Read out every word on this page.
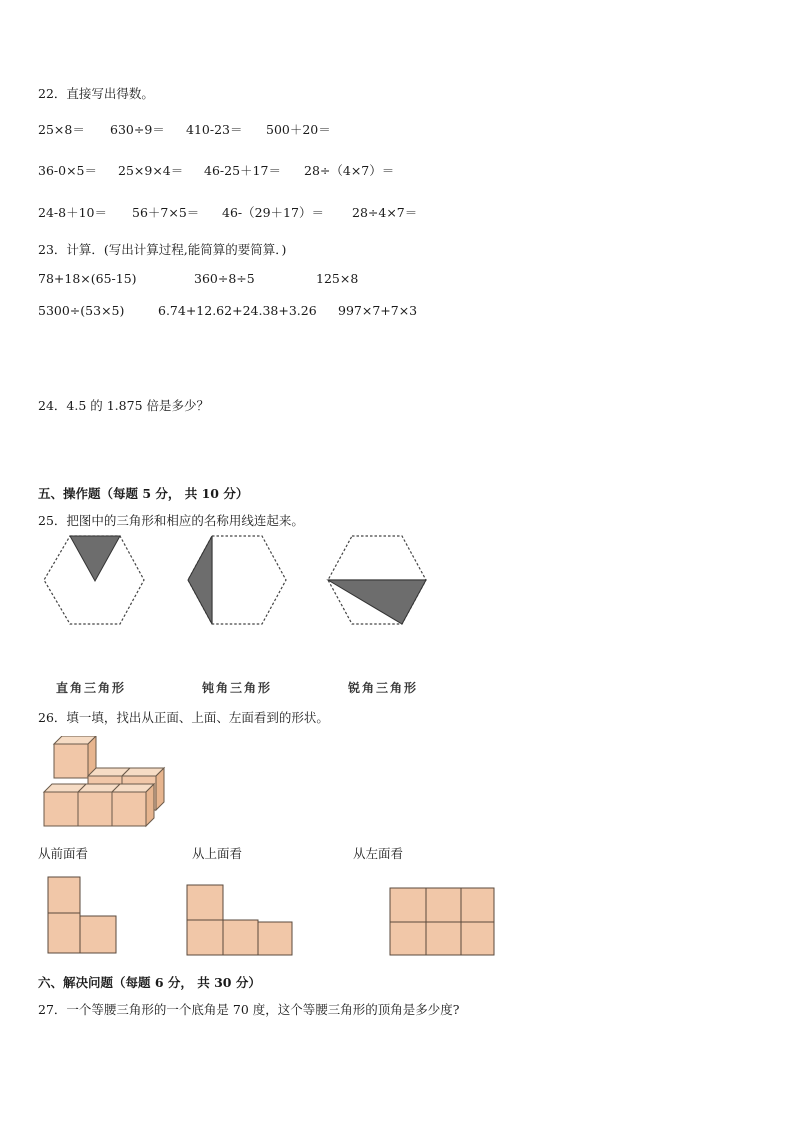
22．直接写出得数。
25×8＝ 630÷9＝ 410-23＝ 500＋20＝
36-0×5＝ 25×9×4＝ 46-25＋17＝ 28÷（4×7）＝
24-8＋10＝ 56＋7×5＝ 46-（29＋17）＝ 28÷4×7＝
23．计算．(写出计算过程,能简算的要简算．)
78+18×(65-15)	360÷8÷5	125×8
5300÷(53×5)	6.74+12.62+24.38+3.26 997×7+7×3
24．4.5 的 1.875 倍是多少？
五、操作题（每题 5 分， 共 10 分）
25．把图中的三角形和相应的名称用线连起来。
直角三角形	钝角三角形	锐角三角形
26．填一填，找出从正面、上面、左面看到的形状。
从前面看	从上面看	从左面看
六、解决问题（每题 6 分， 共 30 分）
27．一个等腰三角形的一个底角是 70 度，这个等腰三角形的顶角是多少度?
